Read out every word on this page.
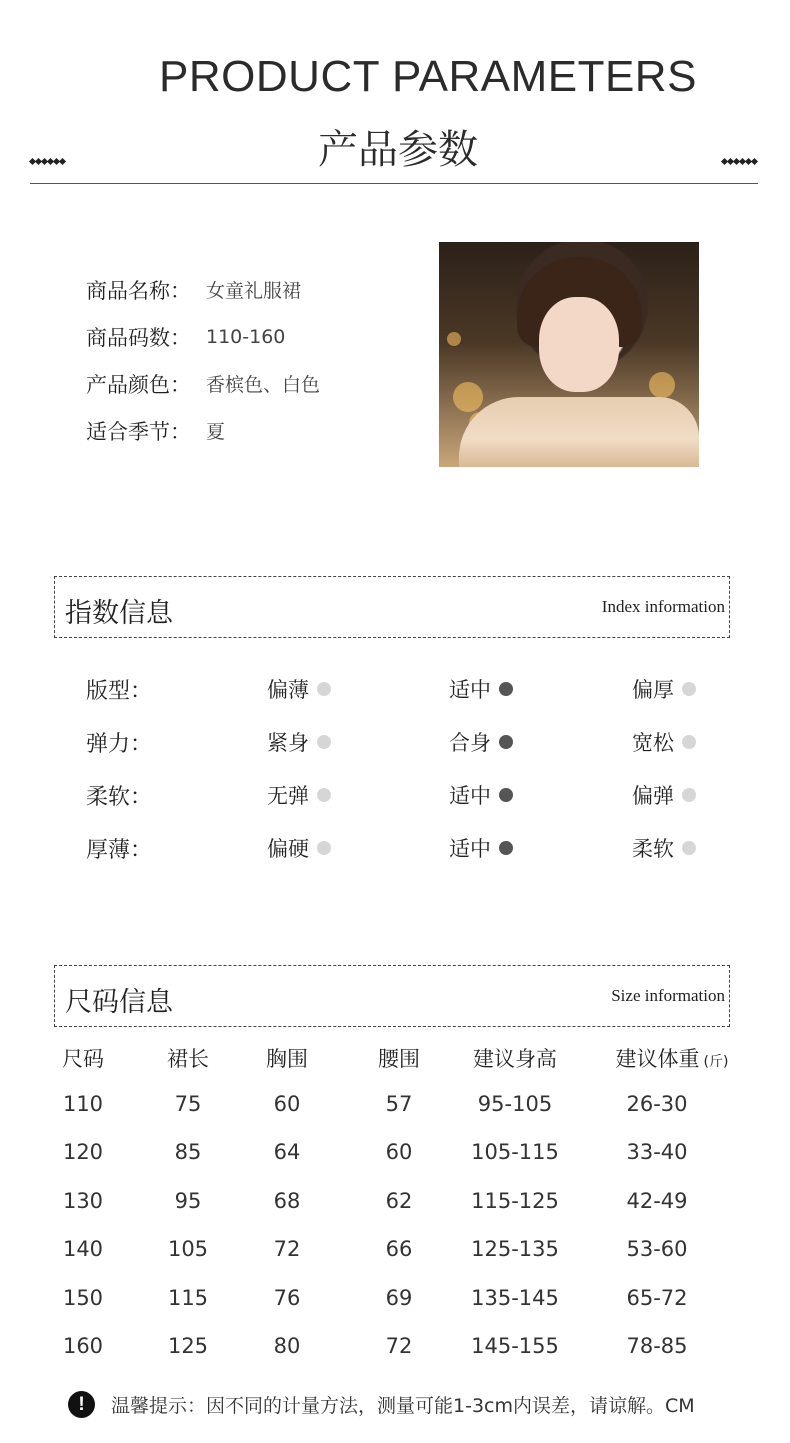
PRODUCT PARAMETERS
产品参数
商品名称： 女童礼服裙
商品码数： 110-160
产品颜色： 香槟色、白色
适合季节： 夏
指数信息	Index information
版型：	偏薄	适中	偏厚
弹力：	紧身	合身	宽松
柔软：	无弹	适中	偏弹
厚薄：	偏硬	适中	柔软
尺码信息	Size information
尺码	裙长	胸围	腰围	建议身高	建议体重 (斤)
110	75	60	57	95-105	26-30
120	85	64	60	105-115	33-40
130	95	68	62	115-125	42-49
140	105	72	66	125-135	53-60
150	115	76	69	135-145	65-72
160	125	80	72	145-155	78-85
!	温馨提示：因不同的计量方法，测量可能1-3cm内误差，请谅解。CM
